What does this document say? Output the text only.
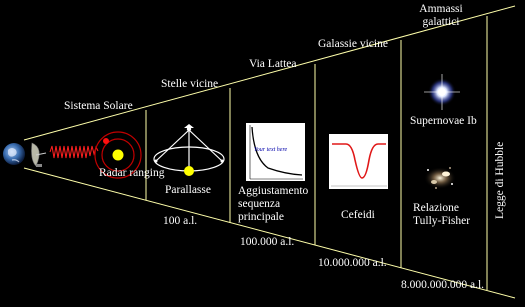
Sistema Solare
Radar ranging
Stelle vicine
Parallasse
100 a.l.
Via Lattea
Your text here
Aggiustamento
sequenza
principale
100.000 a.l.
Galassie vicine
Cefeidi
10.000.000 a.l.
Ammassi
galattici
Supernovae Ib
Relazione
Tully-Fisher
8.000.000.000 a.l.
Legge di Hubble
